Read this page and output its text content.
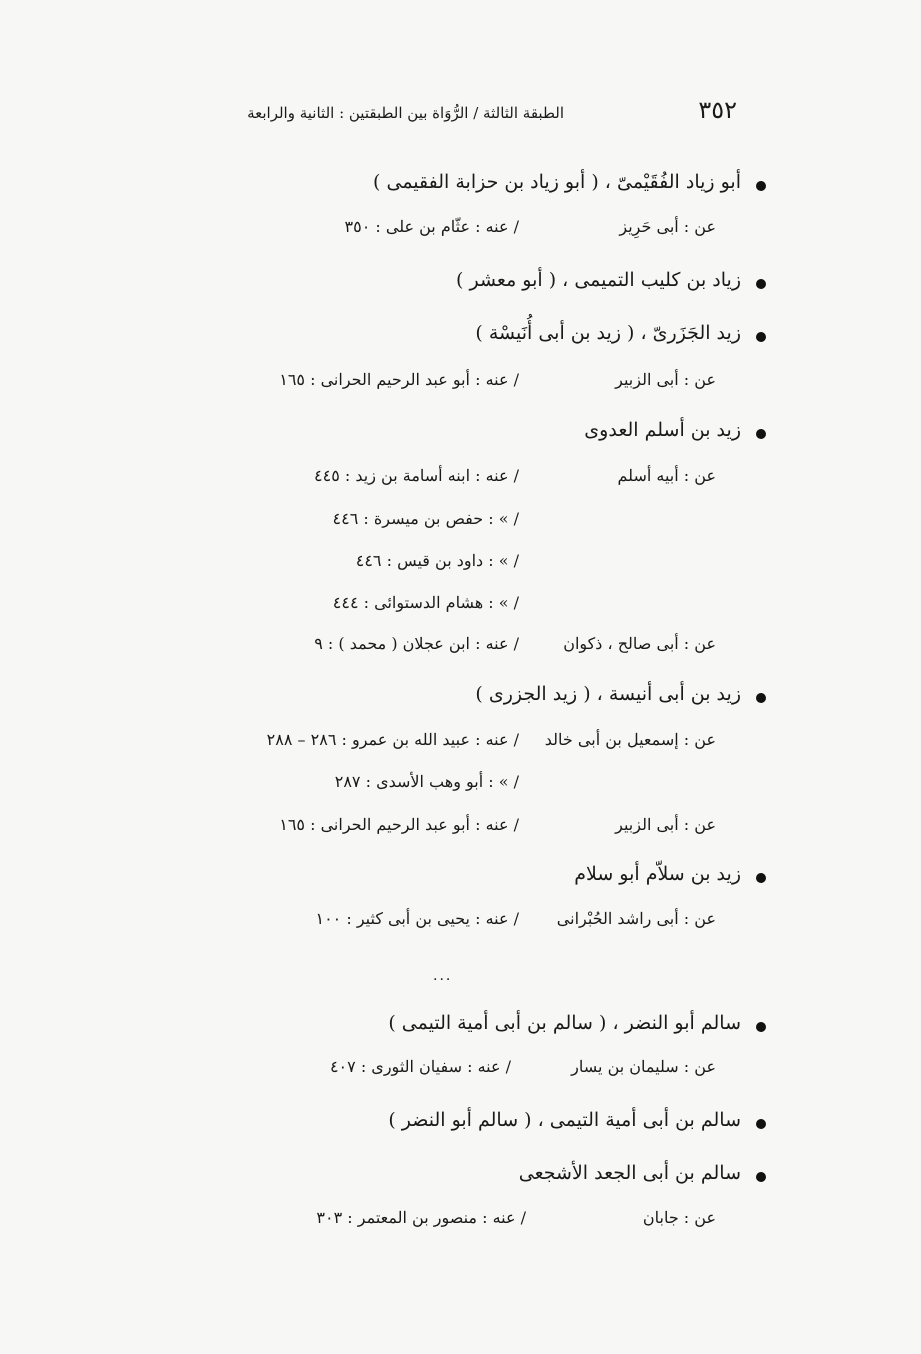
٣٥٢
الطبقة الثالثة / الرُّوَاة بين الطبقتين : الثانية والرابعة
أبو زياد الفُقَيْمىّ ، ( أبو زياد بن حزابة الفقيمى )
عن : أبى حَرِيز
/ عنه : عثّام بن على : ٣٥٠
زياد بن كليب التميمى ، ( أبو معشر )
زيد الجَزَرىّ ، ( زيد بن أبى أُنَيسْة )
عن : أبى الزبير
/ عنه : أبو عبد الرحيم الحرانى : ١٦٥
زيد بن أسلم العدوى
عن : أبيه أسلم
/ عنه : ابنه أسامة بن زيد : ٤٤٥
/ » : حفص بن ميسرة : ٤٤٦
/ » : داود بن قيس : ٤٤٦
/ » : هشام الدستوائى : ٤٤٤
عن : أبى صالح ، ذكوان
/ عنه : ابن عجلان ( محمد ) : ٩
زيد بن أبى أنيسة ، ( زيد الجزرى )
عن : إسمعيل بن أبى خالد
/ عنه : عبيد الله بن عمرو : ٢٨٦ – ٢٨٨
/ » : أبو وهب الأسدى : ٢٨٧
عن : أبى الزبير
/ عنه : أبو عبد الرحيم الحرانى : ١٦٥
زيد بن سلاّم أبو سلام
عن : أبى راشد الحُبْرانى
/ عنه : يحيى بن أبى كثير : ١٠٠
...
سالم أبو النضر ، ( سالم بن أبى أمية التيمى )
عن : سليمان بن يسار
/ عنه : سفيان الثورى : ٤٠٧
سالم بن أبى أمية التيمى ، ( سالم أبو النضر )
سالم بن أبى الجعد الأشجعى
عن : جابان
/ عنه : منصور بن المعتمر : ٣٠٣
